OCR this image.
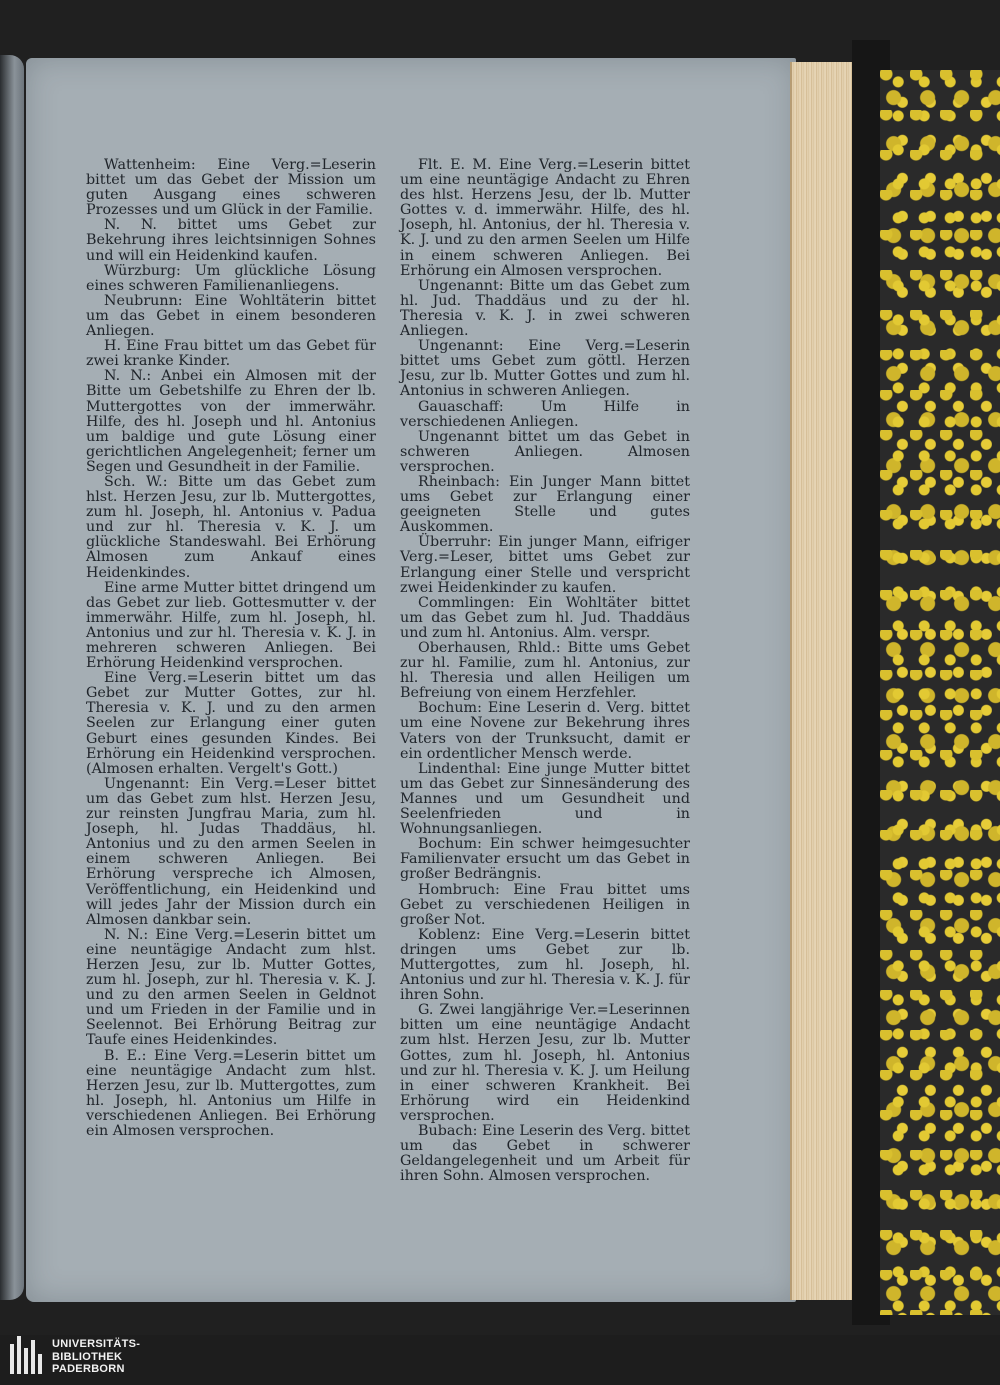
Wattenheim: Eine Verg.=Leserin bittet um das Gebet der Mission um guten Ausgang eines schweren Prozesses und um Glück in der Familie.

N. N. bittet ums Gebet zur Bekehrung ihres leichtsinnigen Sohnes und will ein Heidenkind kaufen.

Würzburg: Um glückliche Lösung eines schweren Familienanliegens.

Neubrunn: Eine Wohltäterin bittet um das Gebet in einem besonderen Anliegen.

H. Eine Frau bittet um das Gebet für zwei kranke Kinder.

N. N.: Anbei ein Almosen mit der Bitte um Gebetshilfe zu Ehren der lb. Muttergottes von der immerwähr. Hilfe, des hl. Joseph und hl. Antonius um baldige und gute Lösung einer gerichtlichen Angelegenheit; ferner um Segen und Gesundheit in der Familie.

Sch. W.: Bitte um das Gebet zum hlst. Herzen Jesu, zur lb. Muttergottes, zum hl. Joseph, hl. Antonius v. Padua und zur hl. Theresia v. K. J. um glückliche Standeswahl. Bei Erhörung Almosen zum Ankauf eines Heidenkindes.

Eine arme Mutter bittet dringend um das Gebet zur lieb. Gottesmutter v. der immerwähr. Hilfe, zum hl. Joseph, hl. Antonius und zur hl. Theresia v. K. J. in mehreren schweren Anliegen. Bei Erhörung Heidenkind versprochen.

Eine Verg.=Leserin bittet um das Gebet zur Mutter Gottes, zur hl. Theresia v. K. J. und zu den armen Seelen zur Erlangung einer guten Geburt eines gesunden Kindes. Bei Erhörung ein Heidenkind versprochen. (Almosen erhalten. Vergelt's Gott.)

Ungenannt: Ein Verg.=Leser bittet um das Gebet zum hlst. Herzen Jesu, zur reinsten Jungfrau Maria, zum hl. Joseph, hl. Judas Thaddäus, hl. Antonius und zu den armen Seelen in einem schweren Anliegen. Bei Erhörung verspreche ich Almosen, Veröffentlichung, ein Heidenkind und will jedes Jahr der Mission durch ein Almosen dankbar sein.

N. N.: Eine Verg.=Leserin bittet um eine neuntägige Andacht zum hlst. Herzen Jesu, zur lb. Mutter Gottes, zum hl. Joseph, zur hl. Theresia v. K. J. und zu den armen Seelen in Geldnot und um Frieden in der Familie und in Seelennot. Bei Erhörung Beitrag zur Taufe eines Heidenkindes.

B. E.: Eine Verg.=Leserin bittet um eine neuntägige Andacht zum hlst. Herzen Jesu, zur lb. Muttergottes, zum hl. Joseph, hl. Antonius um Hilfe in verschiedenen Anliegen. Bei Erhörung ein Almosen versprochen.

Flt. E. M. Eine Verg.=Leserin bittet um eine neuntägige Andacht zu Ehren des hlst. Herzens Jesu, der lb. Mutter Gottes v. d. immerwähr. Hilfe, des hl. Joseph, hl. Antonius, der hl. Theresia v. K. J. und zu den armen Seelen um Hilfe in einem schweren Anliegen. Bei Erhörung ein Almosen versprochen.

Ungenannt: Bitte um das Gebet zum hl. Jud. Thaddäus und zu der hl. Theresia v. K. J. in zwei schweren Anliegen.

Ungenannt: Eine Verg.=Leserin bittet ums Gebet zum göttl. Herzen Jesu, zur lb. Mutter Gottes und zum hl. Antonius in schweren Anliegen.

Gauaschaff: Um Hilfe in verschiedenen Anliegen.

Ungenannt bittet um das Gebet in schweren Anliegen. Almosen versprochen.

Rheinbach: Ein Junger Mann bittet ums Gebet zur Erlangung einer geeigneten Stelle und gutes Auskommen.

Überruhr: Ein junger Mann, eifriger Verg.=Leser, bittet ums Gebet zur Erlangung einer Stelle und verspricht zwei Heidenkinder zu kaufen.

Commlingen: Ein Wohltäter bittet um das Gebet zum hl. Jud. Thaddäus und zum hl. Antonius. Alm. verspr.

Oberhausen, Rhld.: Bitte ums Gebet zur hl. Familie, zum hl. Antonius, zur hl. Theresia und allen Heiligen um Befreiung von einem Herzfehler.

Bochum: Eine Leserin d. Verg. bittet um eine Novene zur Bekehrung ihres Vaters von der Trunksucht, damit er ein ordentlicher Mensch werde.

Lindenthal: Eine junge Mutter bittet um das Gebet zur Sinnesänderung des Mannes und um Gesundheit und Seelenfrieden und in Wohnungsanliegen.

Bochum: Ein schwer heimgesuchter Familienvater ersucht um das Gebet in großer Bedrängnis.

Hombruch: Eine Frau bittet ums Gebet zu verschiedenen Heiligen in großer Not.

Koblenz: Eine Verg.=Leserin bittet dringen ums Gebet zur lb. Muttergottes, zum hl. Joseph, hl. Antonius und zur hl. Theresia v. K. J. für ihren Sohn.

G. Zwei langjährige Ver.=Leserinnen bitten um eine neuntägige Andacht zum hlst. Herzen Jesu, zur lb. Mutter Gottes, zum hl. Joseph, hl. Antonius und zur hl. Theresia v. K. J. um Heilung in einer schweren Krankheit. Bei Erhörung wird ein Heidenkind versprochen.

Bubach: Eine Leserin des Verg. bittet um das Gebet in schwerer Geldangelegenheit und um Arbeit für ihren Sohn. Almosen versprochen.

UNIVERSITÄTS-
BIBLIOTHEK
PADERBORN
